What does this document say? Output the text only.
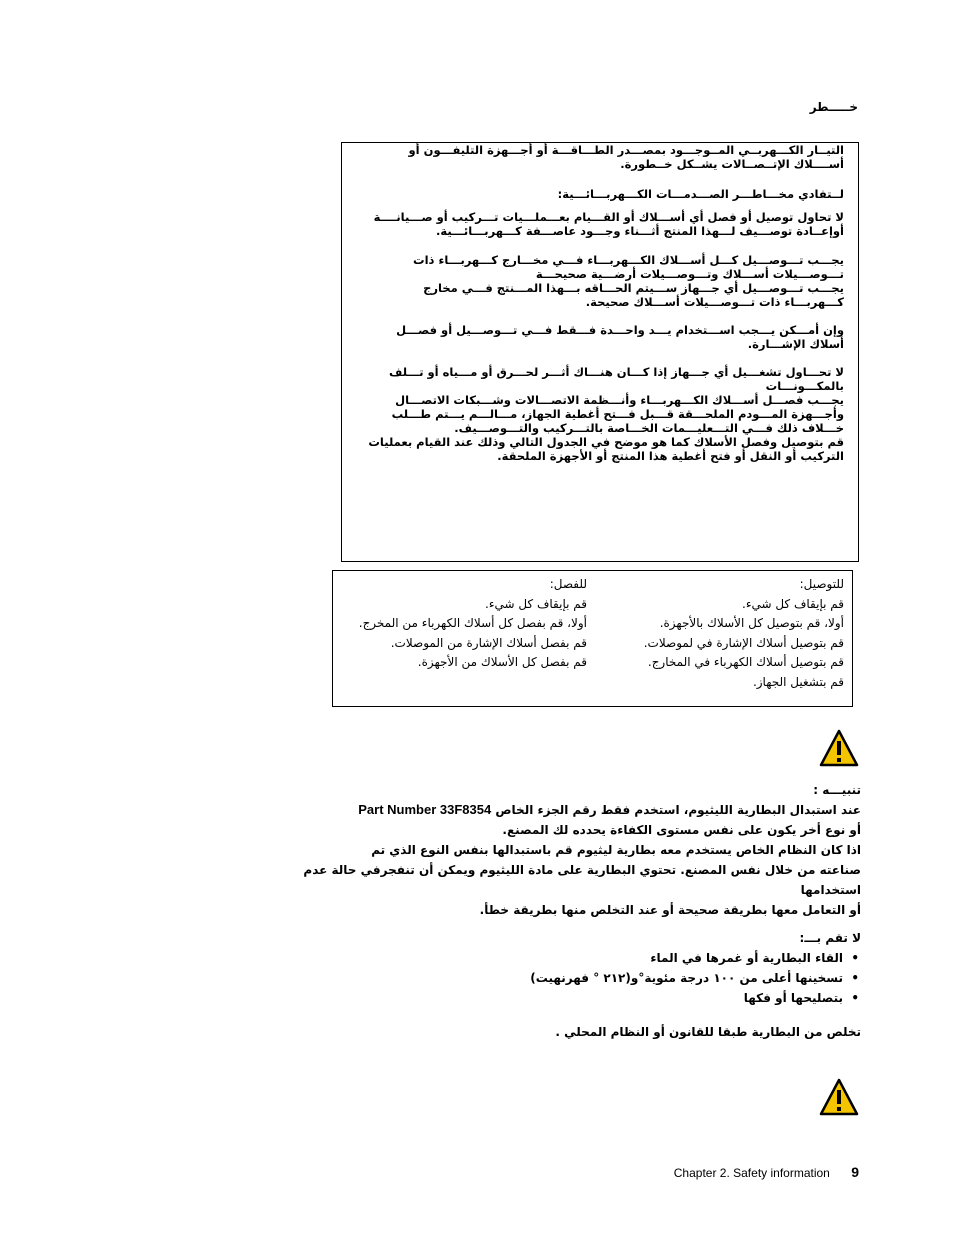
خـــــطر
التيــار الكـــهربــي المــوجـــود بمصـــدر الطـــاقـــة أو أجـــهزة التليفـــون أو أســــلاك الإتــصــالات يشــكل خــطورة.
لــتفادي مخـــاطـــر الصـــدمـــات الكـــهربـــائـــية:
لا تحاول توصيل أو فصل أي أســـلاك أو القـــيام بعـــملـــيات تـــركيب أو صـــيانــــة أوإعــادة توصـــيف لـــهذا المنتج أثـــناء وجـــود عاصـــفة كـــهربـــائـــية.
يجـــب تـــوصـــيل كـــل أســـلاك الكـــهربـــاء فـــي مخـــارج كـــهربـــاء ذات تـــوصـــيلات أســـلاك وتـــوصـــيلات أرضـــية صحيحـــة
يجـــب تـــوصـــيل أي جـــهاز ســـيتم الحـــاقه بـــهذا المـــنتج فـــي مخارج كـــهربـــاء ذات تـــوصـــيلات أســـلاك صحيحة.
وإن أمـــكن يـــجب اســـتخدام يـــد واحـــدة فـــقط فـــي تـــوصـــيل أو فصـــل أسلاك الإشـــارة.
لا تحـــاول تشغـــيل أي جـــهاز إذا كـــان هنـــاك أثـــر لحـــرق أو مـــياه أو تـــلف بالمكـــونـــات
يجـــب فصـــل أســـلاك الكـــهربـــاء وأنـــظمة الاتصـــالات وشـــبكات الاتصـــال وأجـــهزة المـــودم الملحـــقة قـــبل فـــتح أغطية الجهاز، مـــالـــم يـــتم طـــلب خـــلاف ذلك فـــي التـــعليـــمات الخـــاصة بالتـــركيب والتـــوصـــيف.
قم بتوصيل وفصل الأسلاك كما هو موضح في الجدول التالي وذلك عند القيام بعمليات التركيب أو النقل أو فتح أغطية هذا المنتج أو الأجهزة الملحقة.
للتوصيل:
قم بإيقاف كل شيء.
أولا، قم بتوصيل كل الأسلاك بالأجهزة.
قم بتوصيل أسلاك الإشارة في لموصلات.
قم بتوصيل أسلاك الكهرباء في المخارج.
قم بتشغيل الجهاز.
للفصل:
قم بإيقاف كل شيء.
أولا، قم بفصل كل أسلاك الكهرباء من المخرج.
قم بفصل أسلاك الإشارة من الموصلات.
قم بفصل كل الأسلاك من الأجهزة.

تنبيـــه :

عند استبدال البطارية الليثيوم، استخدم فقط رقم الجزء الخاص Part Number 33F8354

أو نوع أخر يكون على نفس مستوى الكفاءة يحدده لك المصنع.

اذا كان النظام الخاص يستخدم معه بطارية ليثيوم قم باستبدالها بنفس النوع الذي تم

صناعته من خلال نفس المصنع. تحتوي البطارية على مادة الليثيوم ويمكن أن تنفجرفي حالة عدم استخدامها

أو التعامل معها بطريقة صحيحة أو عند التخلص منها بطريقة خطأ.

لا تقم بـــ:

• القاء البطارية أو غمرها في الماء
• تسخينها أعلى من ١٠٠ درجة مئوية°و(٢١٢ ° فهرنهيت)
• بتصليحها أو فكها

تخلص من البطارية طبقا للقانون أو النظام المحلي .

Chapter 2. Safety information 9
